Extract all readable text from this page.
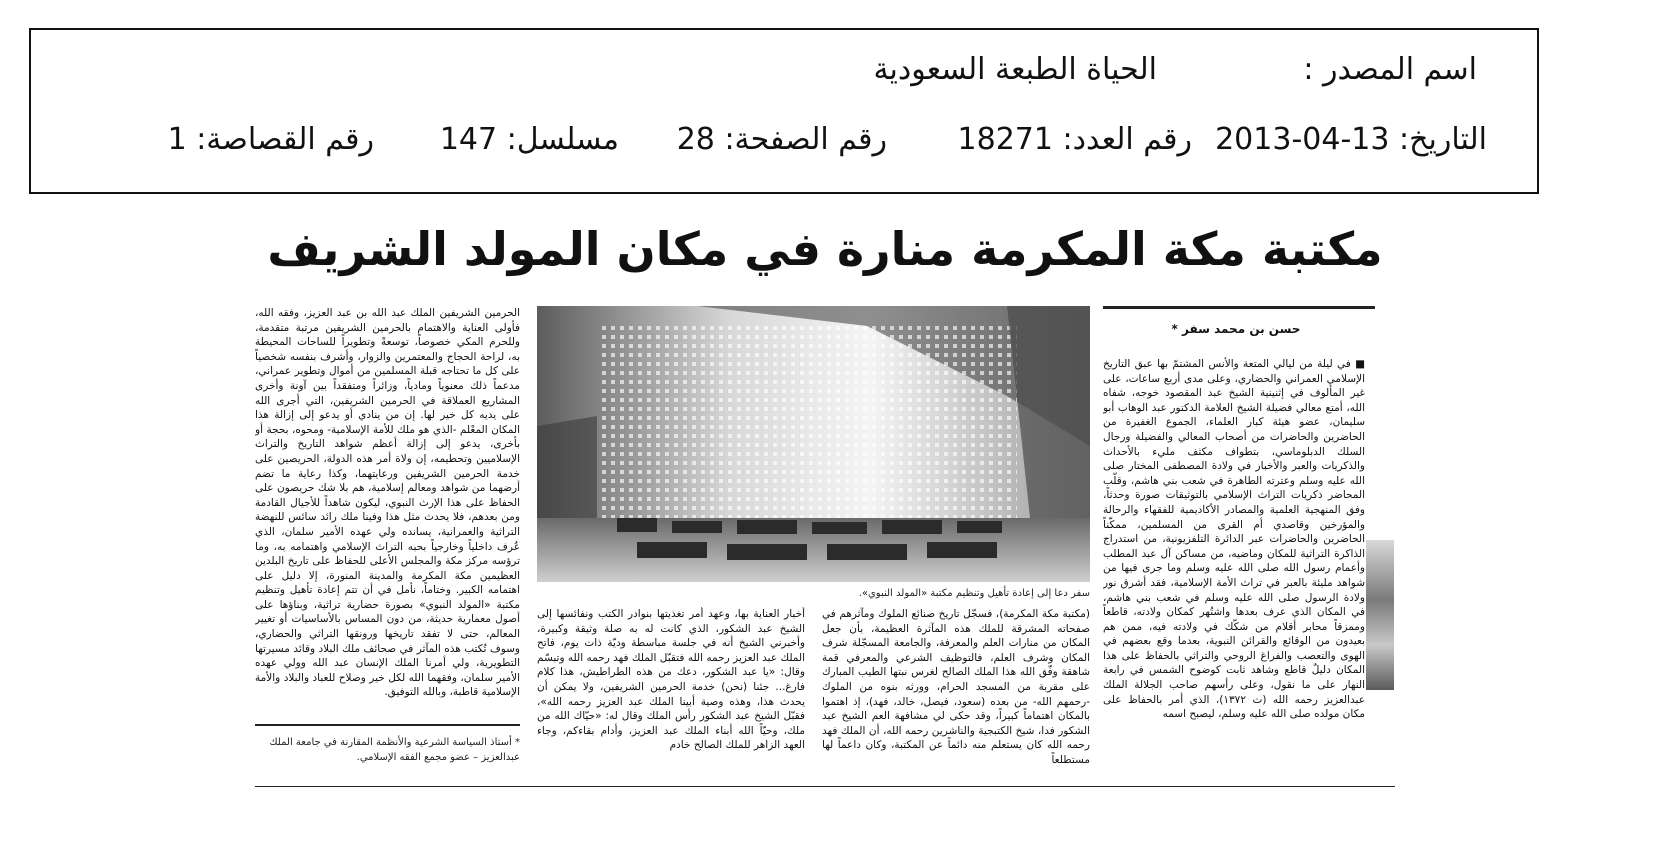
اسم المصدر :
الحياة الطبعة السعودية
التاريخ: 13-04-2013
رقم العدد: 18271
رقم الصفحة: 28
مسلسل: 147
رقم القصاصة: 1
مكتبة مكة المكرمة منارة في مكان المولد الشريف
حسن بن محمد سفر *
سفر دعا إلى إعادة تأهيل وتنظيم مكتبة «المولد النبوي».
■ في ليلة من ليالي المتعة والأنس المشتمّ بها عبق التاريخ الإسلامي العمراني والحضاري، وعلى مدى أربع ساعات، على غير المألوف في إثنينية الشيخ عبد المقصود خوجه، شفاه الله، أمتع معالي فضيلة الشيخ العلامة الدكتور عبد الوهاب أبو سليمان، عضو هيئة كبار العلماء، الجموع الغفيرة من الحاضرين والحاضرات من أصحاب المعالي والفضيلة ورجال السلك الدبلوماسي، بتطواف مكثف مليء بالأحداث والذكريات والعبر والأخبار في ولادة المصطفى المختار صلى الله عليه وسلم وعترته الطاهرة في شعب بني هاشم، وقلّب المحاضر ذكريات التراث الإسلامي بالتوثيقات صورة وحدثاً، وفق المنهجية العلمية والمصادر الأكاديمية للفقهاء والرحالة والمؤرخين وقاصدي أم القرى من المسلمين، ممكّناً الحاضرين والحاضرات عبر الدائرة التلفزيونية، من استدراج الذاكرة التراثية للمكان وماضيه، من مساكن آل عبد المطلب وأعمام رسول الله صلى الله عليه وسلم وما جرى فيها من شواهد مليئة بالعبر في تراث الأمة الإسلامية، فقد أشرق نور ولادة الرسول صلى الله عليه وسلم في شعب بني هاشم، في المكان الذي عرف بعدها واشتُهر كمكان ولادته، قاطعاً وممزقاً محابر أقلام من شكّك في ولادته فيه، ممن هم بعيدون من الوقائع والقرائن النبوية، بعدما وقع بعضهم في الهوى والتعصب والفراغ الروحي والتراثي بالحفاظ على هذا المكان دليلٌ قاطع وشاهد ثابت كوضوح الشمس في رابعة النهار على ما نقول، وعلى رأسهم صاحب الجلالة الملك عبدالعزيز رحمه الله (ت ١٣٧٢)، الذي أمر بالحفاظ على مكان مولده صلى الله عليه وسلم، ليصبح اسمه
(مكتبة مكة المكرمة)، فسجّل تاريخ صنائع الملوك ومآثرهم في صفحاته المشرقة للملك هذه المآثرة العظيمة، بأن جعل المكان من منارات العلم والمعرفة، والجامعة المسجّلة شرف المكان وشرف العلم، فالتوظيف الشرعي والمعرفي قمة شاهقة وفّق الله هذا الملك الصالح لغرس نبتها الطيب المبارك على مقربة من المسجد الحرام، وورثه بنوه من الملوك -رحمهم الله- من بعده (سعود، فيصل، خالد، فهد)، إذ اهتموا بالمكان اهتماماً كبيراً، وقد حكى لي مشافهة العم الشيخ عبد الشكور فدا، شيخ الكتبجية والناشرين رحمه الله، أن الملك فهد رحمه الله كان يستعلم منه دائماً عن المكتبة، وكان داعماً لها مستطلعاً
أخبار العناية بها، وعهد أمر تغذيتها بنوادر الكتب ونفائسها إلى الشيخ عبد الشكور، الذي كانت له به صلة وثيقة وكبيرة، وأخبرني الشيخ أنه في جلسة مباسطة وديّة ذات يوم، فاتح الملك عبد العزيز رحمه الله فتقبّل الملك فهد رحمه الله وتبسّم وقال: «يا عبد الشكور، دعك من هذه الطراطيش، هذا كلام فارغ... جئنا (نحن) خدمة الحرمين الشريفين، ولا يمكن أن يحدث هذا، وهذه وصية أبينا الملك عبد العزيز رحمه الله»، فقبّل الشيخ عبد الشكور رأس الملك وقال له: «حيّاك الله من ملك، وحيّاً الله أبناء الملك عبد العزيز، وأدام بقاءكم، وجاء العهد الزاهر للملك الصالح خادم
الحرمين الشريفين الملك عبد الله بن عبد العزيز، وفقه الله، فأولى العناية والاهتمام بالحرمين الشريفين مرتبة متقدمة، وللحرم المكي خصوصاً، توسعةً وتطويراً للساحات المحيطة به، لراحة الحجاج والمعتمرين والزوار، وأشرف بنفسه شخصياً على كل ما تحتاجه قبلة المسلمين من أموال وتطوير عمراني، مدعماً ذلك معنوياً ومادياً، وزائراً ومتفقداً بين آونة وأخرى المشاريع العملاقة في الحرمين الشريفين، التي أجرى الله على يديه كل خير لها. إن من ينادي أو يدعو إلى إزالة هذا المكان المعْلم -الذي هو ملك للأمة الإسلامية- ومحوه، بحجة أو بأخرى، يدعو إلى إزالة أعظم شواهد التاريخ والتراث الإسلاميين وتحطيمه، إن ولاة أمر هذه الدولة، الحريصين على خدمة الحرمين الشريفين ورعايتهما، وكذا رعاية ما تضم أرضهما من شواهد ومعالم إسلامية، هم بلا شك حريصون على الحفاظ على هذا الإرث النبوي، ليكون شاهداً للأجيال القادمة ومن بعدهم، فلا يحدث مثل هذا وفينا ملك رائد سائس للنهضة التراثية والعمرانية، يسانده ولي عهده الأمير سلمان، الذي عُرف داخلياً وخارجياً بحبه التراث الإسلامي واهتمامه به، وما ترؤسه مركز مكة والمجلس الأعلى للحفاظ على تاريخ البلدين العظيمين مكة المكرمة والمدينة المنورة، إلا دليل على اهتمامه الكبير. وختاماً، نأمل في أن تتم إعادة تأهيل وتنظيم مكتبة «المولد النبوي» بصورة حضارية تراثية، وبناؤها على أصول معمارية حديثة، من دون المساس بالأساسيات أو تغيير المعالم، حتى لا تفقد تاريخها ورونقها التراثي والحضاري، وسوف تُكتب هذه المآثر في صحائف ملك البلاد وقائد مسيرتها التطويرية، ولي أمرنا الملك الإنسان عبد الله وولي عهده الأمير سلمان، وفقهما الله لكل خير وصلاح للعباد والبلاد والأمة الإسلامية قاطبة، وبالله التوفيق.
* أستاذ السياسة الشرعية والأنظمة المقارنة في جامعة الملك عبدالعزيز – عضو مجمع الفقه الإسلامي.
